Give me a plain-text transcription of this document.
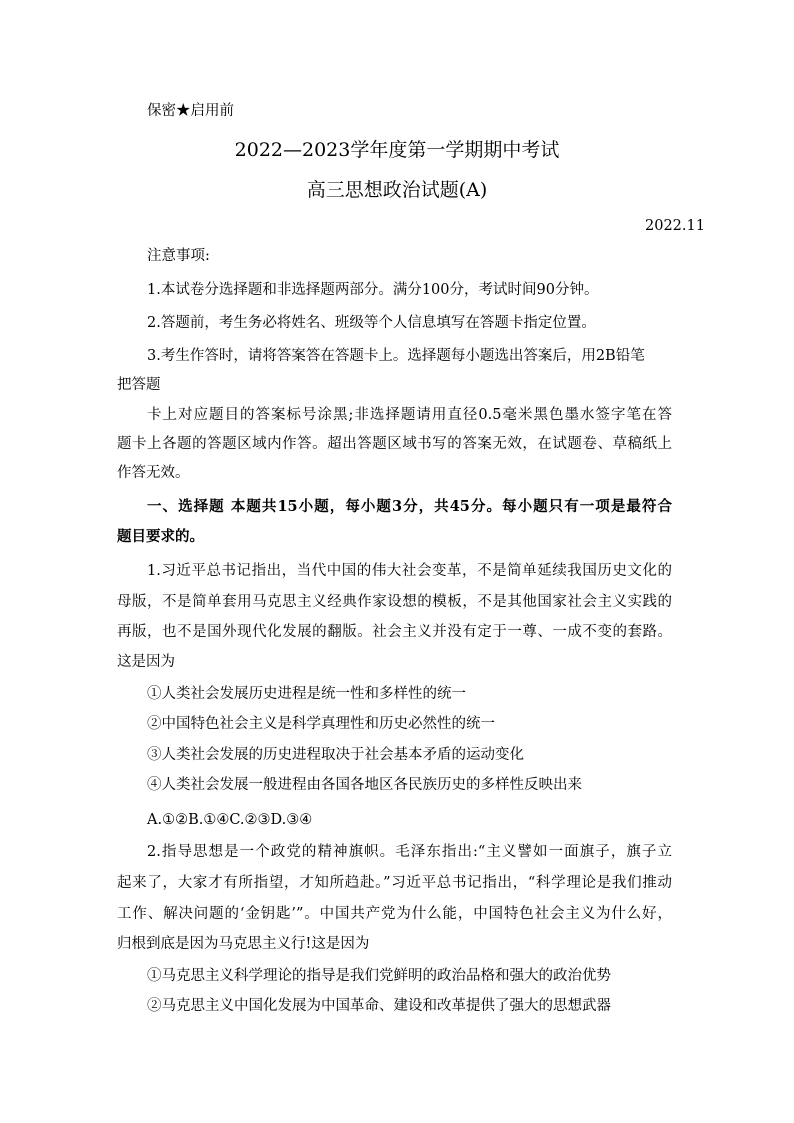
保密★启用前
2022—2023学年度第一学期期中考试
高三思想政治试题(A)
2022.11
注意事项:
1.本试卷分选择题和非选择题两部分。满分100分，考试时间90分钟。
2.答题前，考生务必将姓名、班级等个人信息填写在答题卡指定位置。
3.考生作答时，请将答案答在答题卡上。选择题每小题选出答案后，用2B铅笔
把答题
卡上对应题目的答案标号涂黑;非选择题请用直径0.5毫米黑色墨水签字笔在答
题卡上各题的答题区域内作答。超出答题区域书写的答案无效，在试题卷、草稿纸上
作答无效。
一、选择题 本题共15小题，每小题3分，共45分。每小题只有一项是最符合
题目要求的。
1.习近平总书记指出，当代中国的伟大社会变革，不是简单延续我国历史文化的
母版，不是简单套用马克思主义经典作家设想的模板，不是其他国家社会主义实践的
再版，也不是国外现代化发展的翻版。社会主义并没有定于一尊、一成不变的套路。
这是因为
①人类社会发展历史进程是统一性和多样性的统一
②中国特色社会主义是科学真理性和历史必然性的统一
③人类社会发展的历史进程取决于社会基本矛盾的运动变化
④人类社会发展一般进程由各国各地区各民族历史的多样性反映出来
A.①②B.①④C.②③D.③④
2.指导思想是一个政党的精神旗帜。毛泽东指出:“主义譬如一面旗子，旗子立
起来了，大家才有所指望，才知所趋赴。”习近平总书记指出，“科学理论是我们推动
工作、解决问题的‘金钥匙’”。中国共产党为什么能，中国特色社会主义为什么好，
归根到底是因为马克思主义行!这是因为
①马克思主义科学理论的指导是我们党鲜明的政治品格和强大的政治优势
②马克思主义中国化发展为中国革命、建设和改革提供了强大的思想武器
